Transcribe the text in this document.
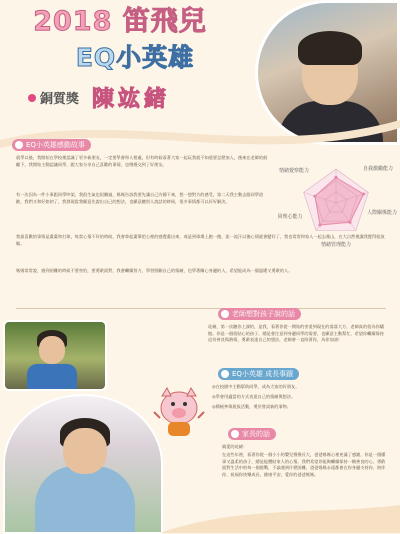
2018 笛飛兒
EQ小英雄
銅質獎 陳竑緒
EQ小英雄感動故事
就學以後，我開始在學校裡認識了更多新朋友，一定要學會和人相處，但有時候看著大家一起玩我就不知道要怎麼加入，後來在老師的鼓勵下，我開始主動認識同學，跟大家分享自己喜歡的事情，也慢慢交到了好朋友。
有一次因為一件小事跟同學吵架，我很生氣也很難過，媽媽告訴我要先讓自己冷靜下來，想一想對方的感受，第二天我主動去跟同學道歉，我們又和好如初了，我發現當我願意先說出自己的想法，也願意聽別人說話的時候，很多事情都可以好好解決。
我最喜歡的事情是畫畫和打球，每當心情不好的時候，我會拿起畫筆把心裡的感覺畫出來，或是到球場上跑一跑，流一流汗以後心情就會變好了，我也常常和家人一起去爬山，在大自然裡讓我覺得很放鬆。
媽媽常常說，遇到困難的時候不要害怕，要勇敢面對，我會繼續努力，學習照顧自己的情緒，也學著關心身邊的人，希望能成為一個溫暖又勇敢的人。
情緒覺察能力	自我激勵能力
人際關係能力
情緒管理能力
同理心能力
老師想對孩子說的話
竑緒，第一次聽你上課的，是我，看著你從一開始的害羞到現在的落落大方，老師真的很為你驕傲。你是一個很貼心的孩子，總是會注意到身邊同學的需要，也願意主動幫忙，希望你繼續保持這份善良與熱情，勇敢表達自己的想法，老師會一直陪著你，為你加油！
EQ小英雄 成長事蹟
◎在校園中主動幫助同學，成為大家的好朋友。
◎學會用適當的方式表達自己的情緒與想法。
◎積極參與班級活動，勇於嘗試新的事物。
家長的話
親愛的竑緒：
在這些年裡，看著你從一個小小的嬰兒慢慢長大，爸爸媽媽心裡充滿了感謝，你是一個懂事又溫柔的孩子，總是能體貼家人的心情，我們希望你能夠繼續保持一顆善良的心，勇敢面對生活中的每一個挑戰，不論遇到什麼困難，爸爸媽媽永遠都會在你身邊支持你、陪伴你，祝福你快樂成長，健康平安，愛你的爸爸媽媽。
